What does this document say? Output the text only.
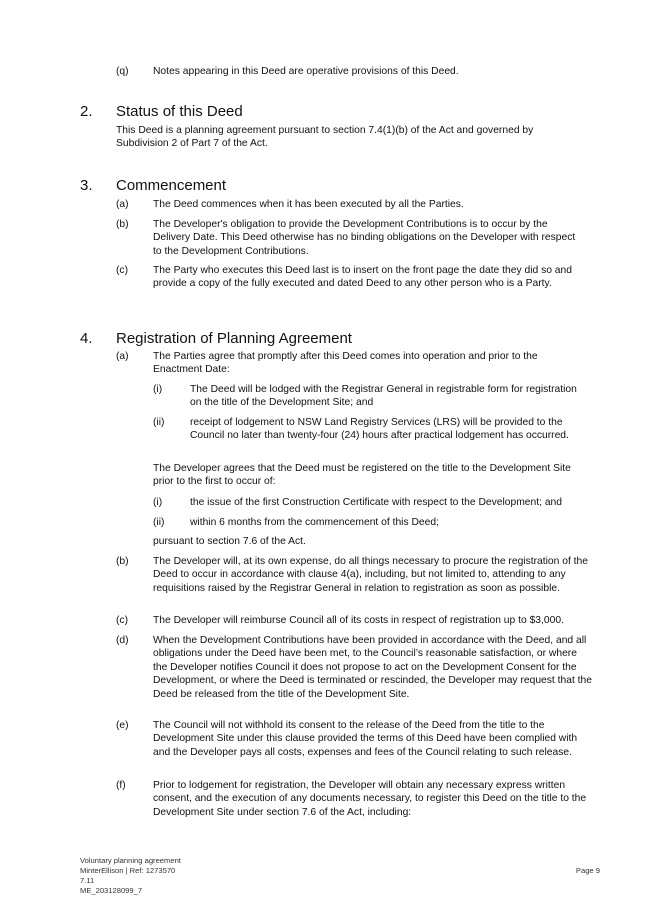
(q) Notes appearing in this Deed are operative provisions of this Deed.

2. Status of this Deed

This Deed is a planning agreement pursuant to section 7.4(1)(b) of the Act and governed by Subdivision 2 of Part 7 of the Act.

3. Commencement
(a) The Deed commences when it has been executed by all the Parties.

(b) The Developer's obligation to provide the Development Contributions is to occur by the Delivery Date. This Deed otherwise has no binding obligations on the Developer with respect to the Development Contributions.

(c) The Party who executes this Deed last is to insert on the front page the date they did so and provide a copy of the fully executed and dated Deed to any other person who is a Party.

4. Registration of Planning Agreement
(a) The Parties agree that promptly after this Deed comes into operation and prior to the Enactment Date:

(i)	The Deed will be lodged with the Registrar General in registrable form for registration on the title of the Development Site; and

(ii) receipt of lodgement to NSW Land Registry Services (LRS) will be provided to the Council no later than twenty-four (24) hours after practical lodgement has occurred.

The Developer agrees that the Deed must be registered on the title to the Development Site prior to the first to occur of:

(i)	the issue of the first Construction Certificate with respect to the Development; and

(ii) within 6 months from the commencement of this Deed;

pursuant to section 7.6 of the Act.

(b) The Developer will, at its own expense, do all things necessary to procure the registration of the Deed to occur in accordance with clause 4(a), including, but not limited to, attending to any requisitions raised by the Registrar General in relation to registration as soon as possible.

(c) The Developer will reimburse Council all of its costs in respect of registration up to $3,000.

(d) When the Development Contributions have been provided in accordance with the Deed, and all obligations under the Deed have been met, to the Council’s reasonable satisfaction, or where the Developer notifies Council it does not propose to act on the Development Consent for the Development, or where the Deed is terminated or rescinded, the Developer may request that the Deed be released from the title of the Development Site.

(e) The Council will not withhold its consent to the release of the Deed from the title to the Development Site under this clause provided the terms of this Deed have been complied with and the Developer pays all costs, expenses and fees of the Council relating to such release.

(f)	Prior to lodgement for registration, the Developer will obtain any necessary express written consent, and the execution of any documents necessary, to register this Deed on the title to the Development Site under section 7.6 of the Act, including:

Voluntary planning agreement
MinterEllison | Ref: 1273570
7.11
ME_203128099_7
Page 9
